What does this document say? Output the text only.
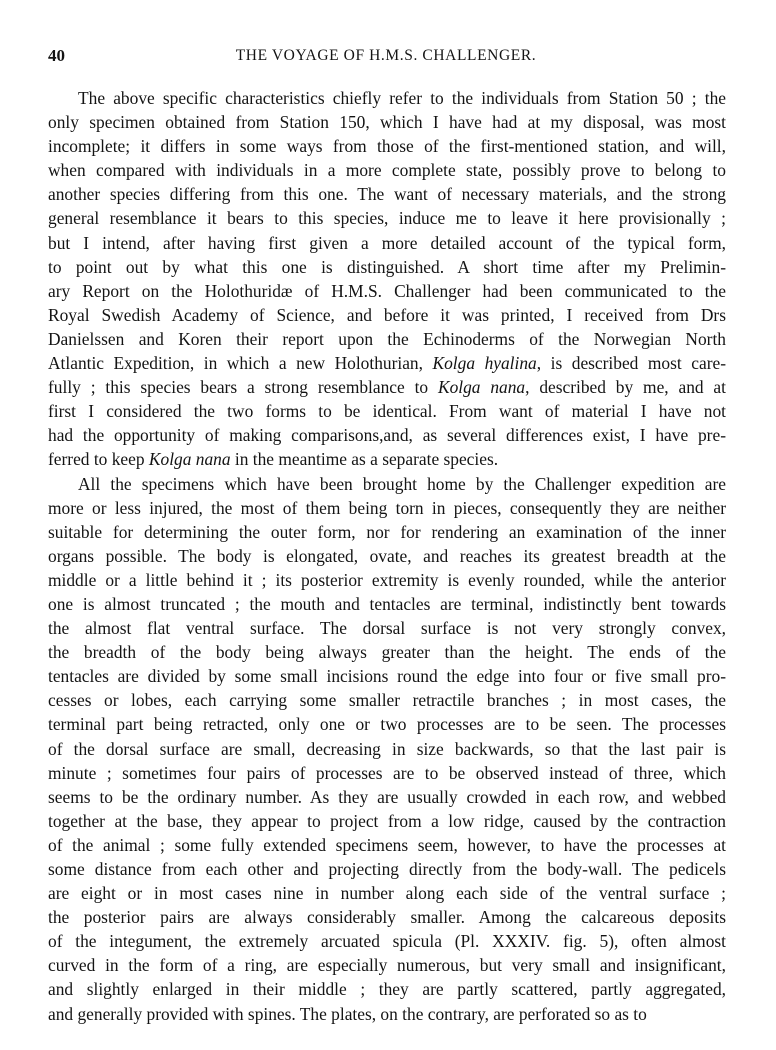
40	THE VOYAGE OF H.M.S. CHALLENGER.
The above specific characteristics chiefly refer to the individuals from Station 50 ; the
only specimen obtained from Station 150, which I have had at my disposal, was most
incomplete; it differs in some ways from those of the first-mentioned station, and will,
when compared with individuals in a more complete state, possibly prove to belong to
another species differing from this one. The want of necessary materials, and the strong
general resemblance it bears to this species, induce me to leave it here provisionally ;
but I intend, after having first given a more detailed account of the typical form,
to point out by what this one is distinguished. A short time after my Prelimin-
ary Report on the Holothuridæ of H.M.S. Challenger had been communicated to the
Royal Swedish Academy of Science, and before it was printed, I received from Drs
Danielssen and Koren their report upon the Echinoderms of the Norwegian North
Atlantic Expedition, in which a new Holothurian, Kolga hyalina, is described most care-
fully ; this species bears a strong resemblance to Kolga nana, described by me, and at
first I considered the two forms to be identical. From want of material I have not
had the opportunity of making comparisons,and, as several differences exist, I have pre-
ferred to keep Kolga nana in the meantime as a separate species.
All the specimens which have been brought home by the Challenger expedition are
more or less injured, the most of them being torn in pieces, consequently they are neither
suitable for determining the outer form, nor for rendering an examination of the inner
organs possible. The body is elongated, ovate, and reaches its greatest breadth at the
middle or a little behind it ; its posterior extremity is evenly rounded, while the anterior
one is almost truncated ; the mouth and tentacles are terminal, indistinctly bent towards
the almost flat ventral surface. The dorsal surface is not very strongly convex,
the breadth of the body being always greater than the height. The ends of the
tentacles are divided by some small incisions round the edge into four or five small pro-
cesses or lobes, each carrying some smaller retractile branches ; in most cases, the
terminal part being retracted, only one or two processes are to be seen. The processes
of the dorsal surface are small, decreasing in size backwards, so that the last pair is
minute ; sometimes four pairs of processes are to be observed instead of three, which
seems to be the ordinary number. As they are usually crowded in each row, and webbed
together at the base, they appear to project from a low ridge, caused by the contraction
of the animal ; some fully extended specimens seem, however, to have the processes at
some distance from each other and projecting directly from the body-wall. The pedicels
are eight or in most cases nine in number along each side of the ventral surface ;
the posterior pairs are always considerably smaller. Among the calcareous deposits
of the integument, the extremely arcuated spicula (Pl. XXXIV. fig. 5), often almost
curved in the form of a ring, are especially numerous, but very small and insignificant,
and slightly enlarged in their middle ; they are partly scattered, partly aggregated,
and generally provided with spines. The plates, on the contrary, are perforated so as to
